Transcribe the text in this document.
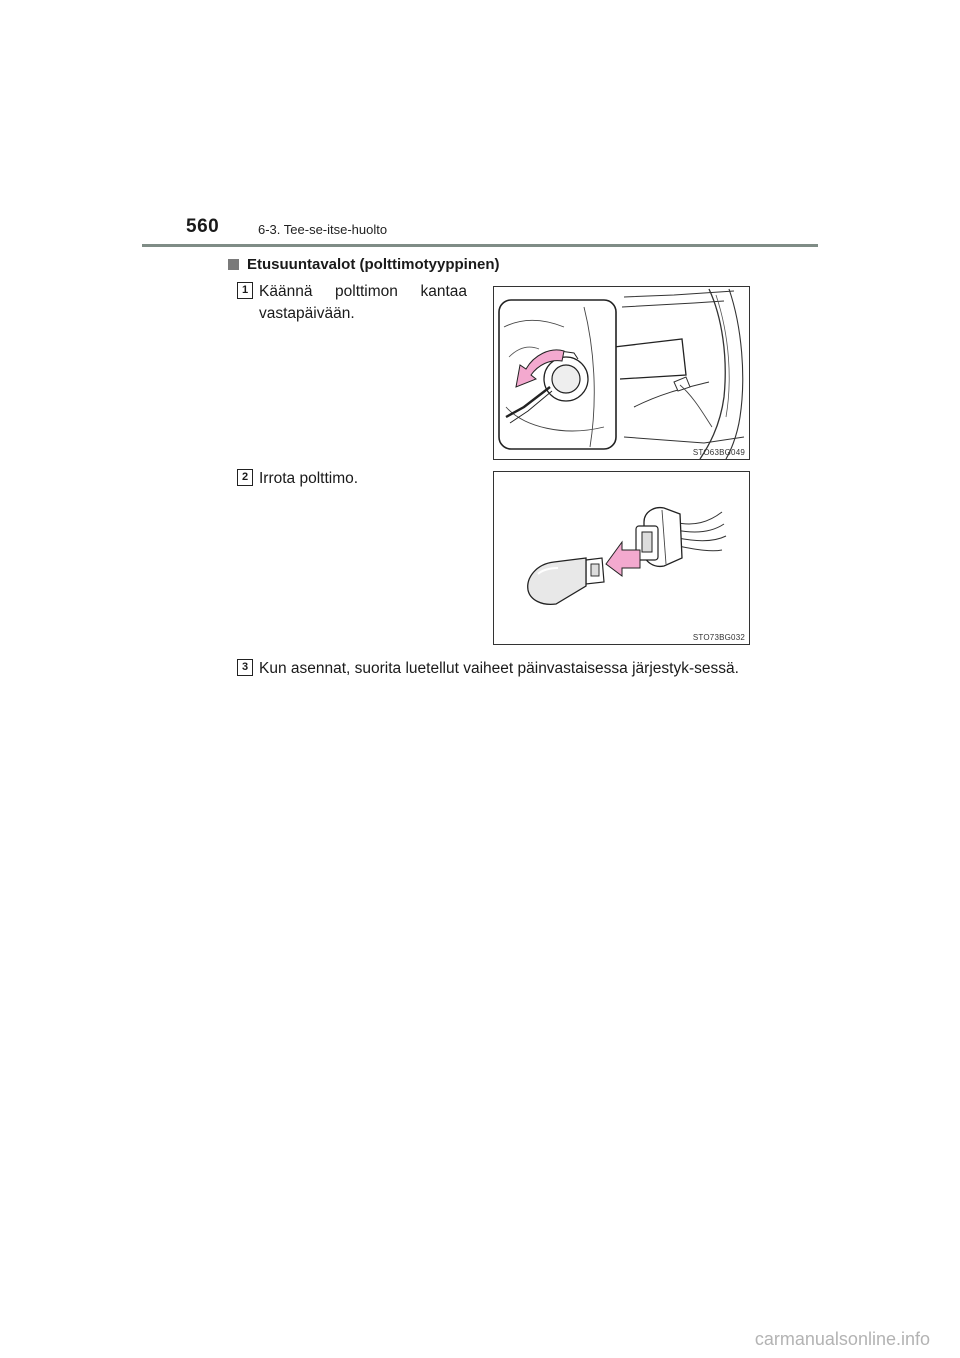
560	6-3. Tee-se-itse-huolto
Etusuuntavalot (polttimotyyppinen)
1 Käännä polttimon kantaa vastapäivään.
STO63BG049
2 Irrota polttimo.
STO73BG032
3 Kun asennat, suorita luetellut vaiheet päinvastaisessa järjestyk-sessä.
carmanualsonline.info
